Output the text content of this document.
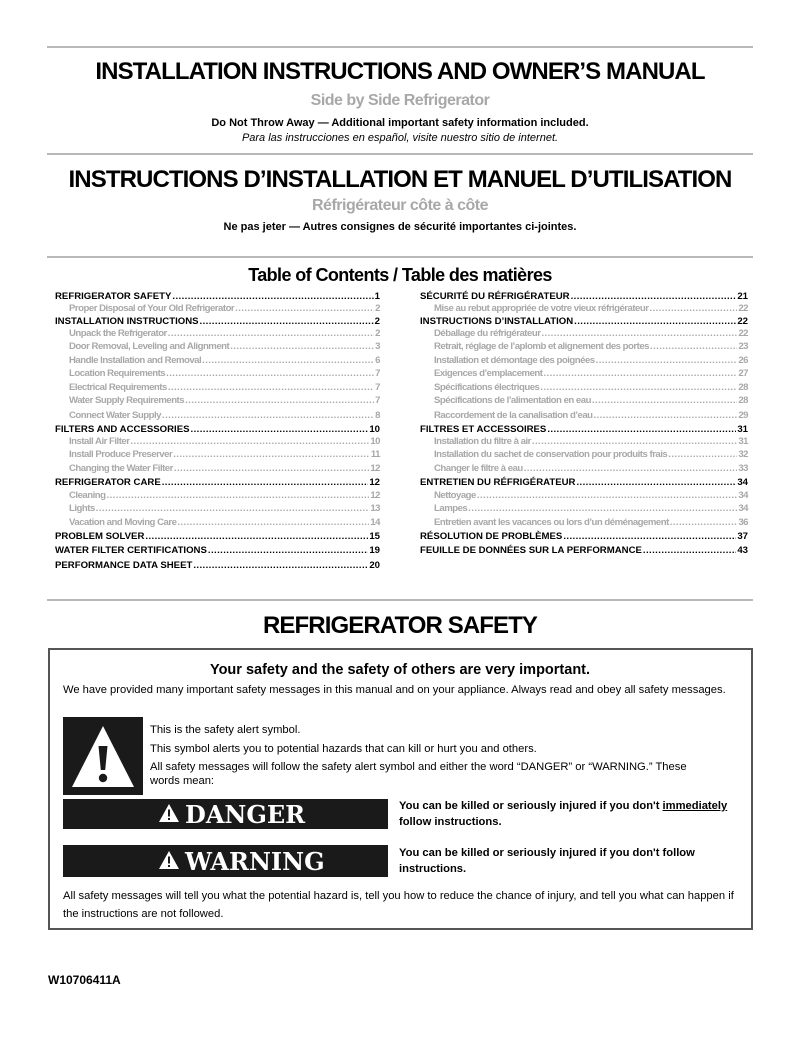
INSTALLATION INSTRUCTIONS AND OWNER’S MANUAL
Side by Side Refrigerator
Do Not Throw Away — Additional important safety information included.
Para las instrucciones en español, visite nuestro sitio de internet.
INSTRUCTIONS D’INSTALLATION ET MANUEL D’UTILISATION
Réfrigérateur côte à côte
Ne pas jeter — Autres consignes de sécurité importantes ci-jointes.
Table of Contents / Table des matières
REFRIGERATOR SAFETY .....	1
Proper Disposal of Your Old Refrigerator .....	2
INSTALLATION INSTRUCTIONS .....	2
Unpack the Refrigerator .....	2
Door Removal, Leveling and Alignment .....	3
Handle Installation and Removal .....	6
Location Requirements .....	7
Electrical Requirements .....	7
Water Supply Requirements .....	7
Connect Water Supply .....	8
FILTERS AND ACCESSORIES .....	10
Install Air Filter .....	10
Install Produce Preserver .....	11
Changing the Water Filter .....	12
REFRIGERATOR CARE .....	12
Cleaning .....	12
Lights .....	13
Vacation and Moving Care .....	14
PROBLEM SOLVER .....	15
WATER FILTER CERTIFICATIONS .....	19
PERFORMANCE DATA SHEET .....	20
SÉCURITÉ DU RÉFRIGÉRATEUR .....	21
Mise au rebut appropriée de votre vieux réfrigérateur .....	22
INSTRUCTIONS D’INSTALLATION .....	22
Déballage du réfrigérateur .....	22
Retrait, réglage de l’aplomb et alignement des portes .....	23
Installation et démontage des poignées .....	26
Exigences d’emplacement .....	27
Spécifications électriques .....	28
Spécifications de l’alimentation en eau .....	28
Raccordement de la canalisation d’eau .....	29
FILTRES ET ACCESSOIRES .....	31
Installation du filtre à air .....	31
Installation du sachet de conservation pour produits frais .....	32
Changer le filtre à eau .....	33
ENTRETIEN DU RÉFRIGÉRATEUR .....	34
Nettoyage .....	34
Lampes .....	34
Entretien avant les vacances ou lors d’un déménagement .....	36
RÉSOLUTION DE PROBLÈMES .....	37
FEUILLE DE DONNÉES SUR LA PERFORMANCE .....	43
REFRIGERATOR SAFETY
Your safety and the safety of others are very important.
We have provided many important safety messages in this manual and on your appliance. Always read and obey all safety messages.
This is the safety alert symbol.
This symbol alerts you to potential hazards that can kill or hurt you and others.
All safety messages will follow the safety alert symbol and either the word “DANGER” or “WARNING.” These words mean:
DANGER	You can be killed or seriously injured if you don't immediately follow instructions.
WARNING	You can be killed or seriously injured if you don't follow instructions.
All safety messages will tell you what the potential hazard is, tell you how to reduce the chance of injury, and tell you what can happen if the instructions are not followed.
W10706411A
